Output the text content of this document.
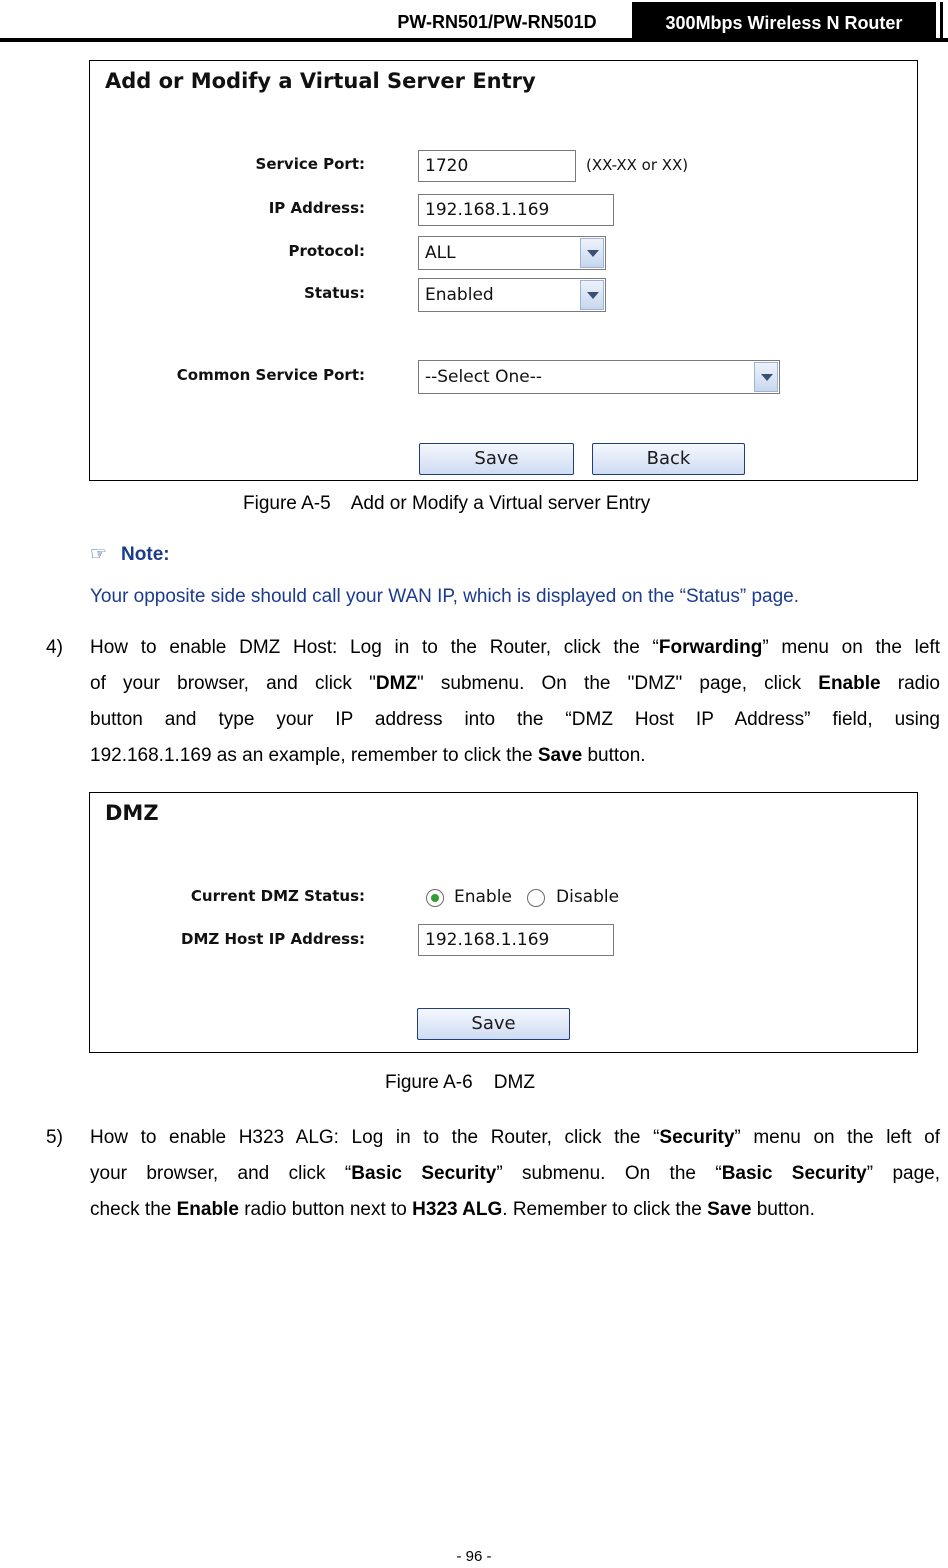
PW-RN501/PW-RN501D	300Mbps Wireless N Router
Add or Modify a Virtual Server Entry
Service Port:	1720	(XX-XX or XX)
IP Address:	192.168.1.169
Protocol:	ALL
Status:	Enabled
Common Service Port:	--Select One--
Save	Back
Figure A-5    Add or Modify a Virtual server Entry
☞ Note:
Your opposite side should call your WAN IP, which is displayed on the “Status” page.
4) How to enable DMZ Host: Log in to the Router, click the “Forwarding” menu on the left
of your browser, and click "DMZ" submenu. On the "DMZ" page, click Enable radio
button and type your IP address into the “DMZ Host IP Address” field, using
192.168.1.169 as an example, remember to click the Save button.
DMZ
Current DMZ Status:	Enable	Disable
DMZ Host IP Address:	192.168.1.169
Save
Figure A-6    DMZ
5) How to enable H323 ALG: Log in to the Router, click the “Security” menu on the left of
your browser, and click “Basic Security” submenu. On the “Basic Security” page,
check the Enable radio button next to H323 ALG. Remember to click the Save button.
- 96 -
